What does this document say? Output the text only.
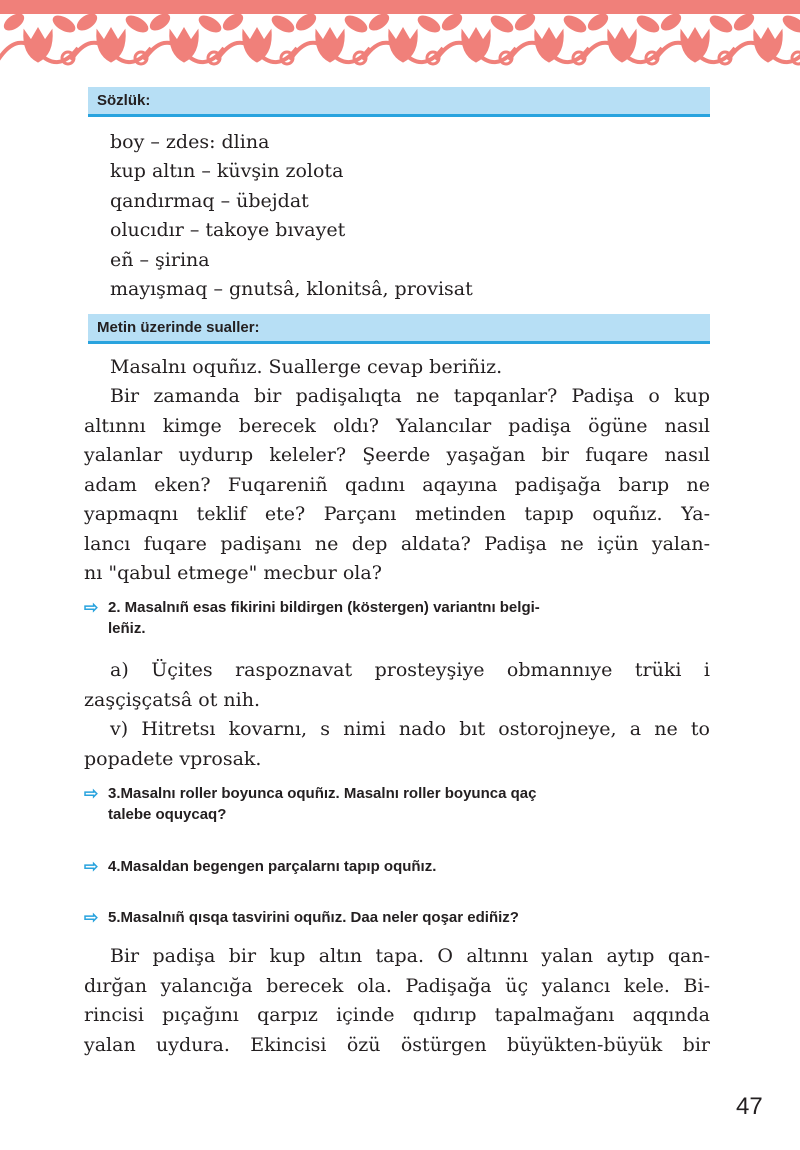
Sözlük:
boy – zdes: dlina
kup altın – küvşin zolota
qandırmaq – übejdat
olucıdır – takoye bıvayet
eñ – şirina
mayışmaq – gnutsâ, klonitsâ, provisat
Metin üzerinde sualler:
Masalnı oquñız. Suallerge cevap beriñiz.
Bir zamanda bir padişalıqta ne tapqanlar? Padişa o kup
altınnı kimge berecek oldı? Yalancılar padişa ögüne nasıl
yalanlar uydurıp keleler? Şeerde yaşağan bir fuqare nasıl
adam eken? Fuqareniñ qadını aqayına padişağa barıp ne
yapmaqnı teklif ete? Parçanı metinden tapıp oquñız. Ya-
lancı fuqare padişanı ne dep aldata? Padişa ne içün yalan-
nı "qabul etmege" mecbur ola?
⇨ 2. Masalnıñ esas fikirini bildirgen (köstergen) variantnı belgi-
leñiz.
a) Üçites raspoznavat prosteyşiye obmannıye trüki i
zaşçişçatsâ ot nih.
v) Hitretsı kovarnı, s nimi nado bıt ostorojneye, a ne to
popadete vprosak.
⇨ 3.Masalnı roller boyunca oquñız. Masalnı roller boyunca qaç
talebe oquycaq?
⇨ 4.Masaldan begengen parçalarnı tapıp oquñız.
⇨ 5.Masalnıñ qısqa tasvirini oquñız. Daa neler qoşar ediñiz?
Bir padişa bir kup altın tapa. O altınnı yalan aytıp qan-
dırğan yalancığa berecek ola. Padişağa üç yalancı kele. Bi-
rincisi pıçağını qarpız içinde qıdırıp tapalmağanı aqqında
yalan uydura. Ekincisi özü östürgen büyükten-büyük bir
47
